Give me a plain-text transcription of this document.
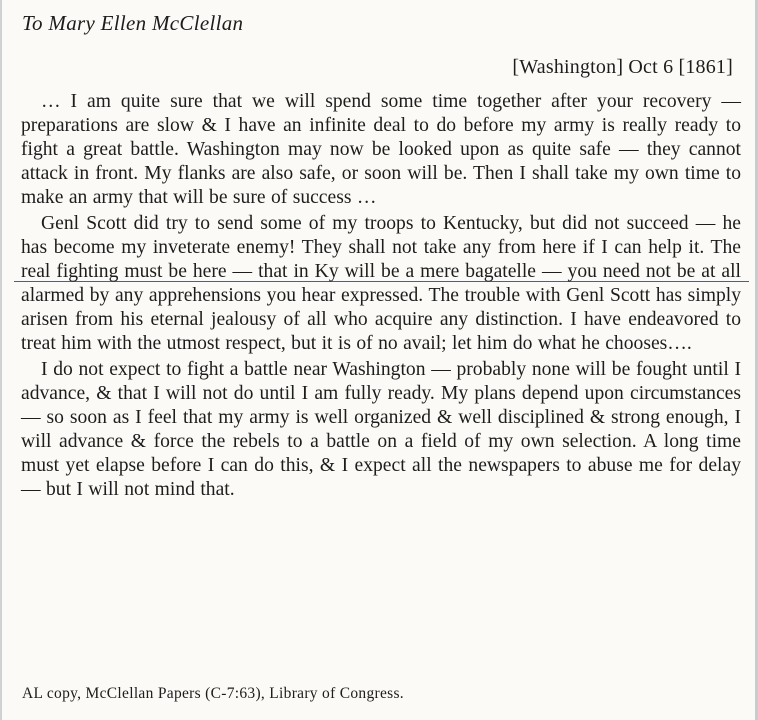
To Mary Ellen McClellan
[Washington] Oct 6 [1861]

… I am quite sure that we will spend some time together after your recovery — preparations are slow & I have an infinite deal to do before my army is really ready to fight a great battle. Washington may now be looked upon as quite safe — they cannot attack in front. My flanks are also safe, or soon will be. Then I shall take my own time to make an army that will be sure of success …

Genl Scott did try to send some of my troops to Kentucky, but did not succeed — he has become my inveterate enemy! They shall not take any from here if I can help it. The real fighting must be here — that in Ky will be a mere bagatelle — you need not be at all alarmed by any apprehensions you hear expressed. The trouble with Genl Scott has simply arisen from his eternal jealousy of all who acquire any distinction. I have endeavored to treat him with the utmost respect, but it is of no avail; let him do what he chooses….

I do not expect to fight a battle near Washington — probably none will be fought until I advance, & that I will not do until I am fully ready. My plans depend upon circumstances — so soon as I feel that my army is well organized & well disciplined & strong enough, I will advance & force the rebels to a battle on a field of my own selection. A long time must yet elapse before I can do this, & I expect all the newspapers to abuse me for delay — but I will not mind that.

AL copy, McClellan Papers (C-7:63), Library of Congress.
